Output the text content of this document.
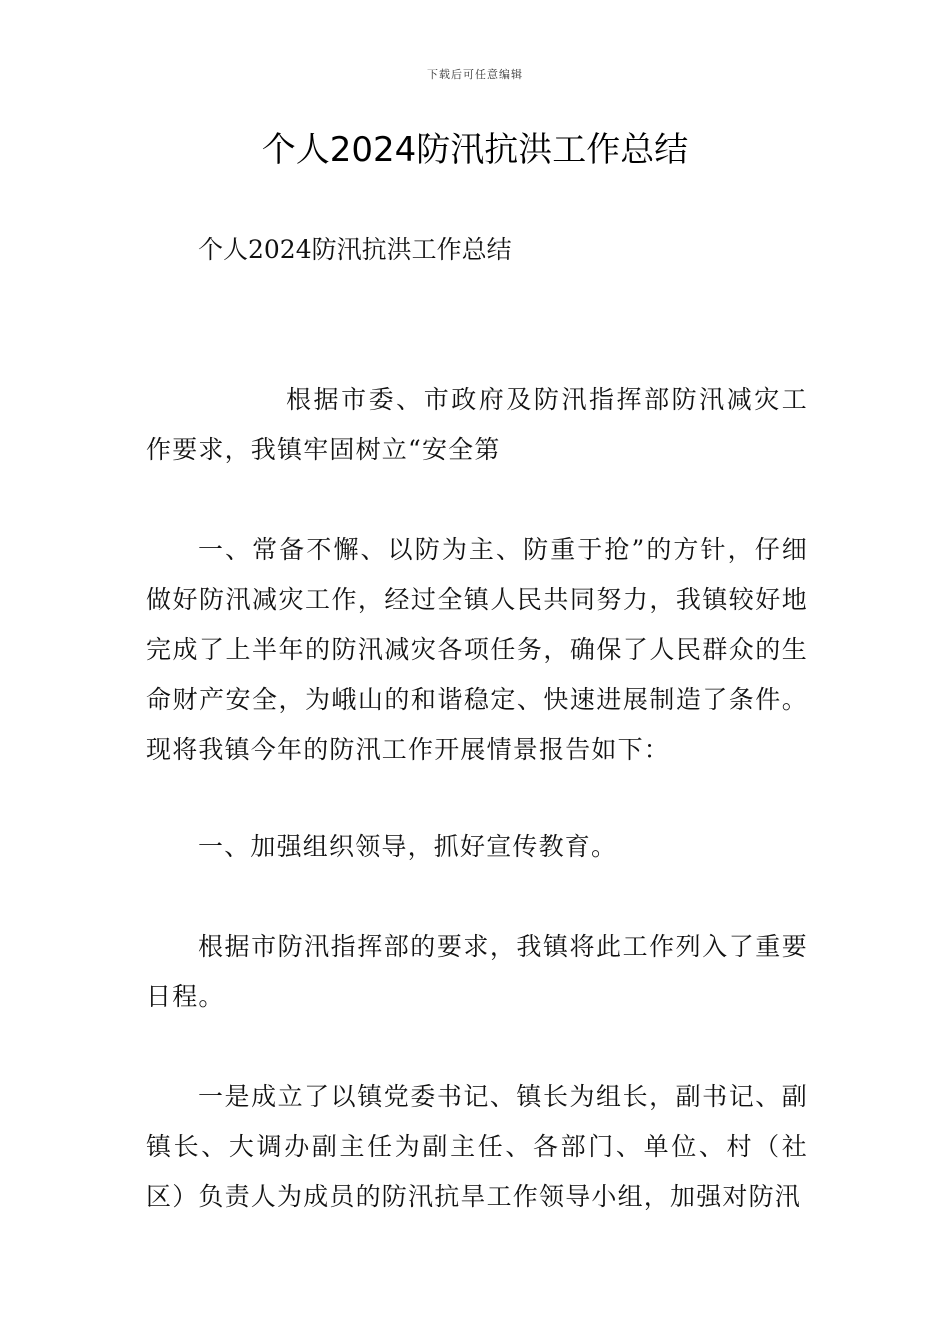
下载后可任意编辑
个人2024防汛抗洪工作总结

个人2024防汛抗洪工作总结

根据市委、市政府及防汛指挥部防汛减灾工作要求，我镇牢固树立“安全第

一、常备不懈、以防为主、防重于抢”的方针，仔细做好防汛减灾工作，经过全镇人民共同努力，我镇较好地完成了上半年的防汛减灾各项任务，确保了人民群众的生命财产安全，为峨山的和谐稳定、快速进展制造了条件。现将我镇今年的防汛工作开展情景报告如下：

一、加强组织领导，抓好宣传教育。

根据市防汛指挥部的要求，我镇将此工作列入了重要日程。

一是成立了以镇党委书记、镇长为组长，副书记、副镇长、大调办副主任为副主任、各部门、单位、村（社区）负责人为成员的防汛抗旱工作领导小组，加强对防汛
